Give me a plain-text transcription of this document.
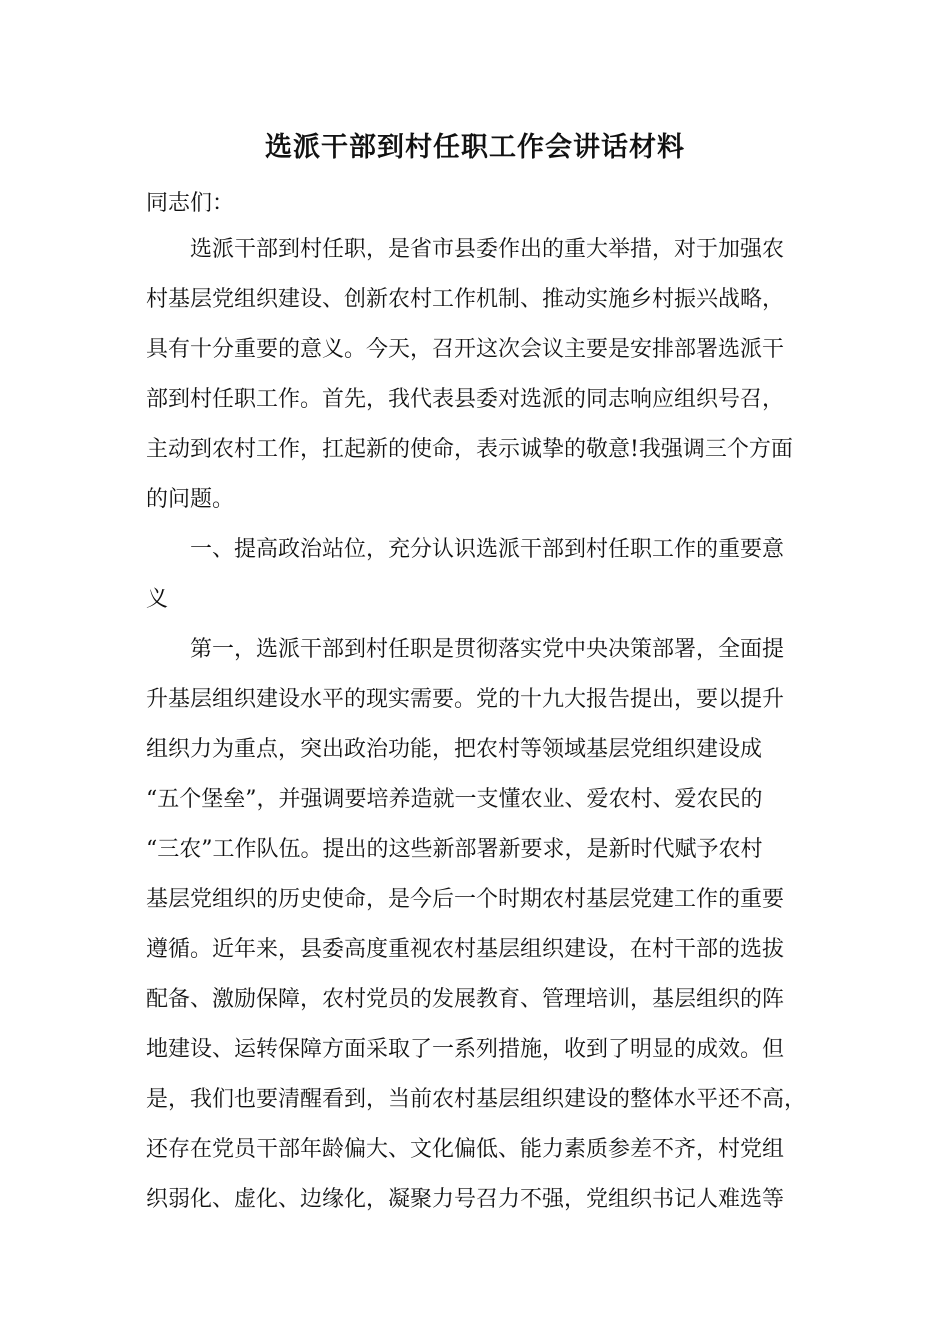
选派干部到村任职工作会讲话材料
同志们：
选派干部到村任职，是省市县委作出的重大举措，对于加强农
村基层党组织建设、创新农村工作机制、推动实施乡村振兴战略，
具有十分重要的意义。今天，召开这次会议主要是安排部署选派干
部到村任职工作。首先，我代表县委对选派的同志响应组织号召，
主动到农村工作，扛起新的使命，表示诚挚的敬意!我强调三个方面
的问题。
一、提高政治站位，充分认识选派干部到村任职工作的重要意
义
第一，选派干部到村任职是贯彻落实党中央决策部署，全面提
升基层组织建设水平的现实需要。党的十九大报告提出，要以提升
组织力为重点，突出政治功能，把农村等领域基层党组织建设成
“五个堡垒”，并强调要培养造就一支懂农业、爱农村、爱农民的
“三农”工作队伍。提出的这些新部署新要求，是新时代赋予农村
基层党组织的历史使命，是今后一个时期农村基层党建工作的重要
遵循。近年来，县委高度重视农村基层组织建设，在村干部的选拔
配备、激励保障，农村党员的发展教育、管理培训，基层组织的阵
地建设、运转保障方面采取了一系列措施，收到了明显的成效。但
是，我们也要清醒看到，当前农村基层组织建设的整体水平还不高，
还存在党员干部年龄偏大、文化偏低、能力素质参差不齐，村党组
织弱化、虚化、边缘化，凝聚力号召力不强，党组织书记人难选等
